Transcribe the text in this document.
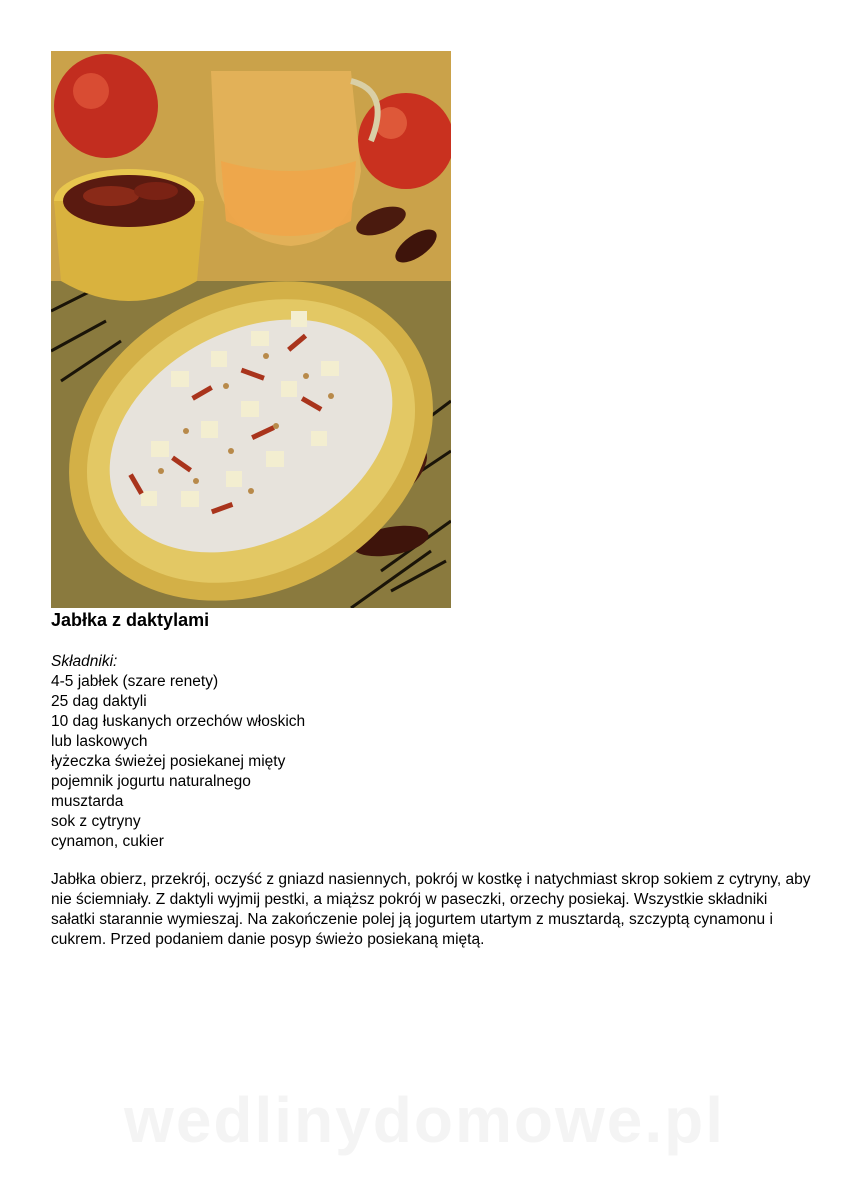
Jabłka z daktylami
Składniki:
4-5 jabłek (szare renety)
25 dag daktyli
10 dag łuskanych orzechów włoskich
lub laskowych
łyżeczka świeżej posiekanej mięty
pojemnik jogurtu naturalnego
musztarda
sok z cytryny
cynamon, cukier

Jabłka obierz, przekrój, oczyść z gniazd nasiennych, pokrój w kostkę i natychmiast skrop sokiem z cytryny, aby nie ściemniały. Z daktyli wyjmij pestki, a miąższ pokrój w paseczki, orzechy posiekaj. Wszystkie składniki sałatki starannie wymieszaj. Na zakończenie polej ją jogurtem utartym z musztardą, szczyptą cynamonu i cukrem. Przed podaniem danie posyp świeżo posiekaną miętą.

wedlinydomowe.pl
